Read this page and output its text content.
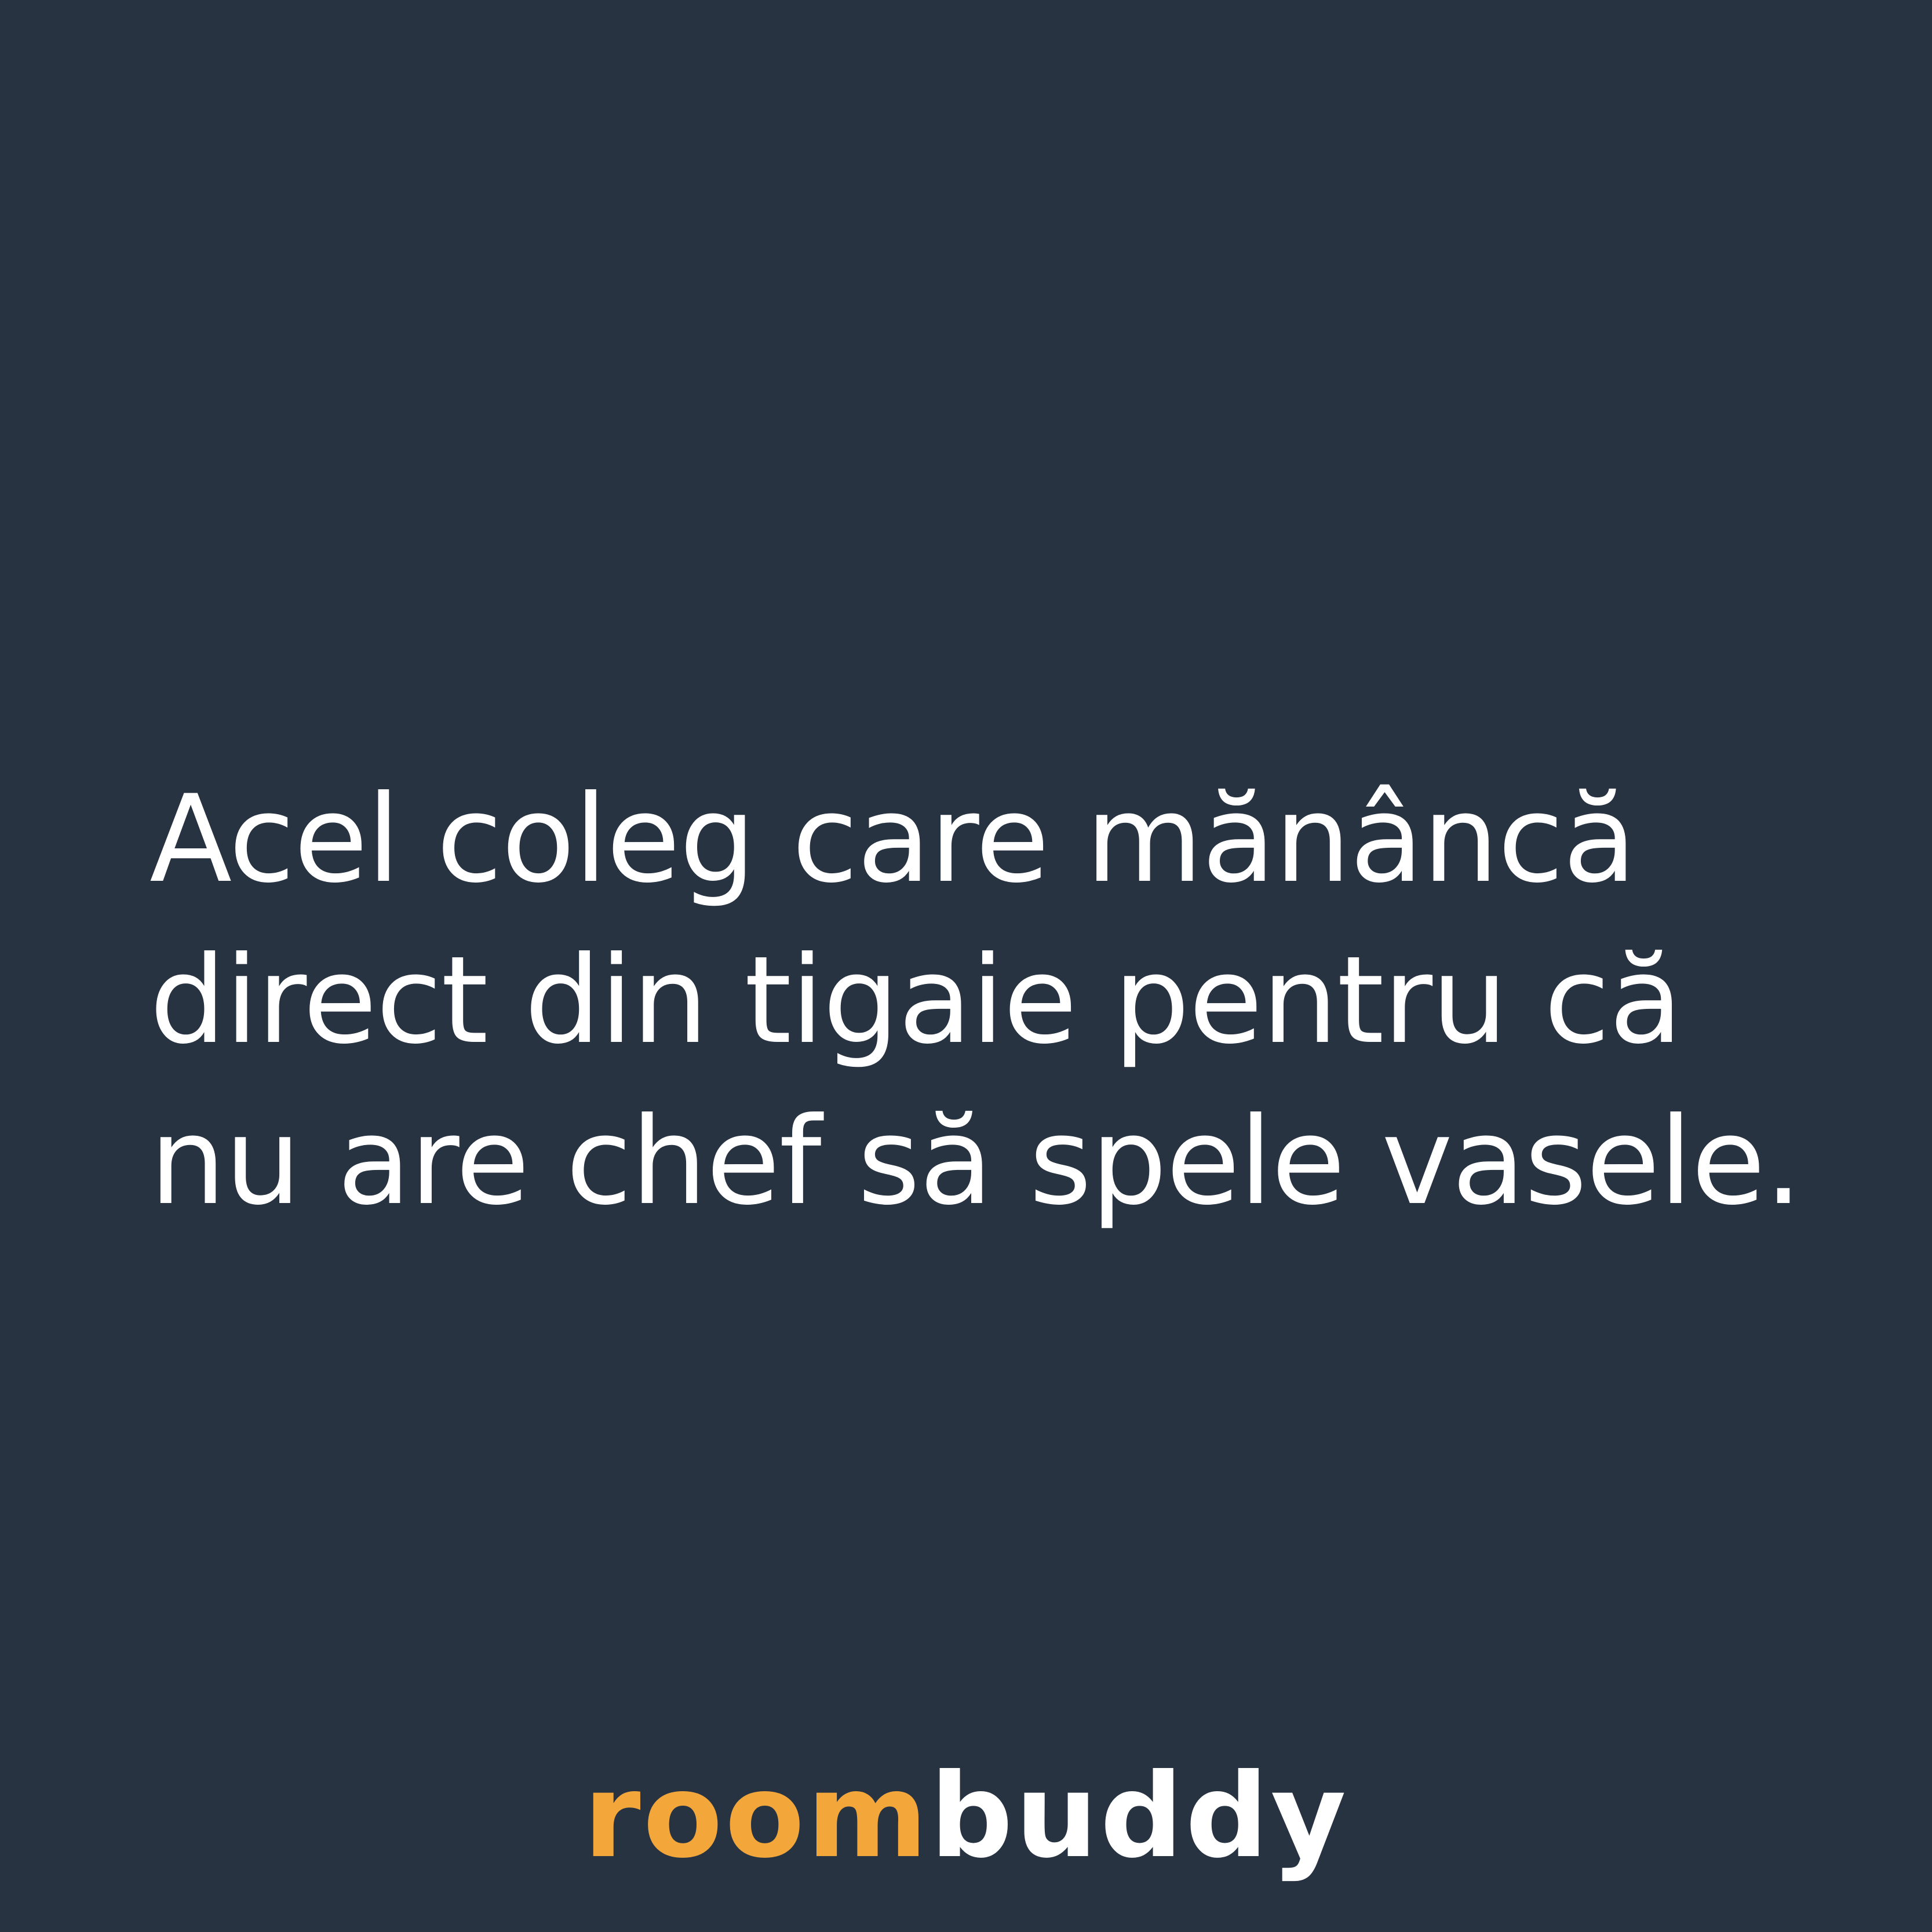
Acel coleg care mănâncă
direct din tigaie pentru că
nu are chef să spele vasele.

roombuddy
